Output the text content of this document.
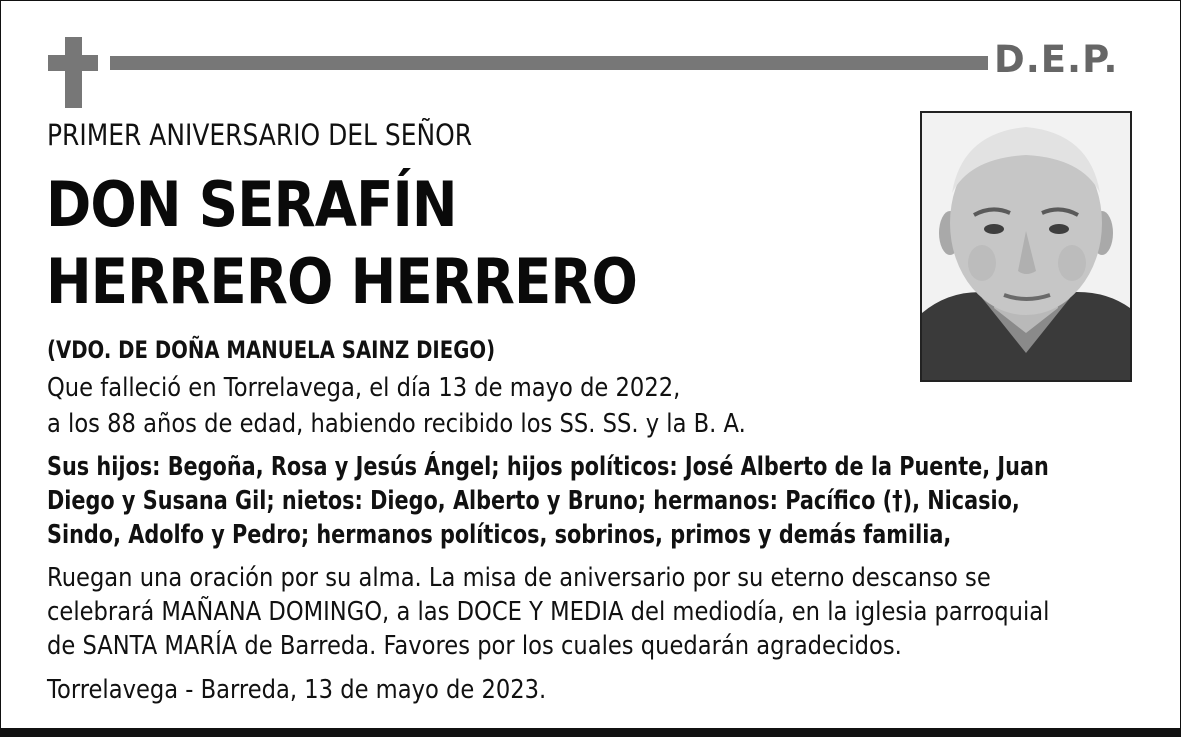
D.E.P.
PRIMER ANIVERSARIO DEL SEÑOR
DON SERAFÍN
HERRERO HERRERO
(VDO. DE DOÑA MANUELA SAINZ DIEGO)
Que falleció en Torrelavega, el día 13 de mayo de 2022,
a los 88 años de edad, habiendo recibido los SS. SS. y la B. A.
Sus hijos: Begoña, Rosa y Jesús Ángel; hijos políticos: José Alberto de la Puente, Juan
Diego y Susana Gil; nietos: Diego, Alberto y Bruno; hermanos: Pacífico (†), Nicasio,
Sindo, Adolfo y Pedro; hermanos políticos, sobrinos, primos y demás familia,
Ruegan una oración por su alma. La misa de aniversario por su eterno descanso se
celebrará MAÑANA DOMINGO, a las DOCE Y MEDIA del mediodía, en la iglesia parroquial
de SANTA MARÍA de Barreda. Favores por los cuales quedarán agradecidos.
Torrelavega - Barreda, 13 de mayo de 2023.
